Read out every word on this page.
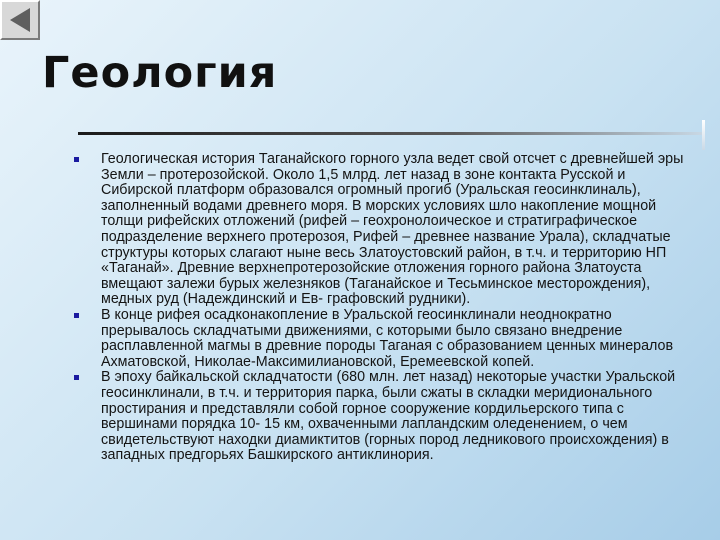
Геология
Геологическая история Таганайского горного узла ведет свой отсчет с древнейшей эры Земли – протерозойской. Около 1,5 млрд. лет назад в зоне контакта Русской и Сибирской платформ образовался огромный прогиб (Уральская геосинклиналь), заполненный водами древнего моря. В морских условиях шло накопление мощной толщи рифейских отложений (рифей – геохронолоическое и стратиграфическое подразделение верхнего протерозоя, Рифей – древнее название Урала), складчатые структуры которых слагают ныне весь Златоустовский район, в т.ч. и территорию НП «Таганай». Древние верхнепротерозойские отложения горного района Златоуста вмещают залежи бурых железняков (Таганайское и Тесьминское месторождения), медных руд (Надеждинский и Ев- графовский рудники).
В конце рифея осадконакопление в Уральской геосинклинали неоднократно прерывалось складчатыми движениями, с которыми было связано внедрение расплавленной магмы в древние породы Таганая с образованием ценных минералов Ахматовской, Николае-Максимилиановской, Еремеевской копей.
В эпоху байкальской складчатости (680 млн. лет назад) некоторые участки Уральской геосинклинали, в т.ч. и территория парка, были сжаты в складки меридионального простирания и представляли собой горное сооружение кордильерского типа с вершинами порядка 10- 15 км, охваченными лапландским оледенением, о чем свидетельствуют находки диамиктитов (горных пород ледникового происхождения) в западных предгорьях Башкирского антиклинория.
